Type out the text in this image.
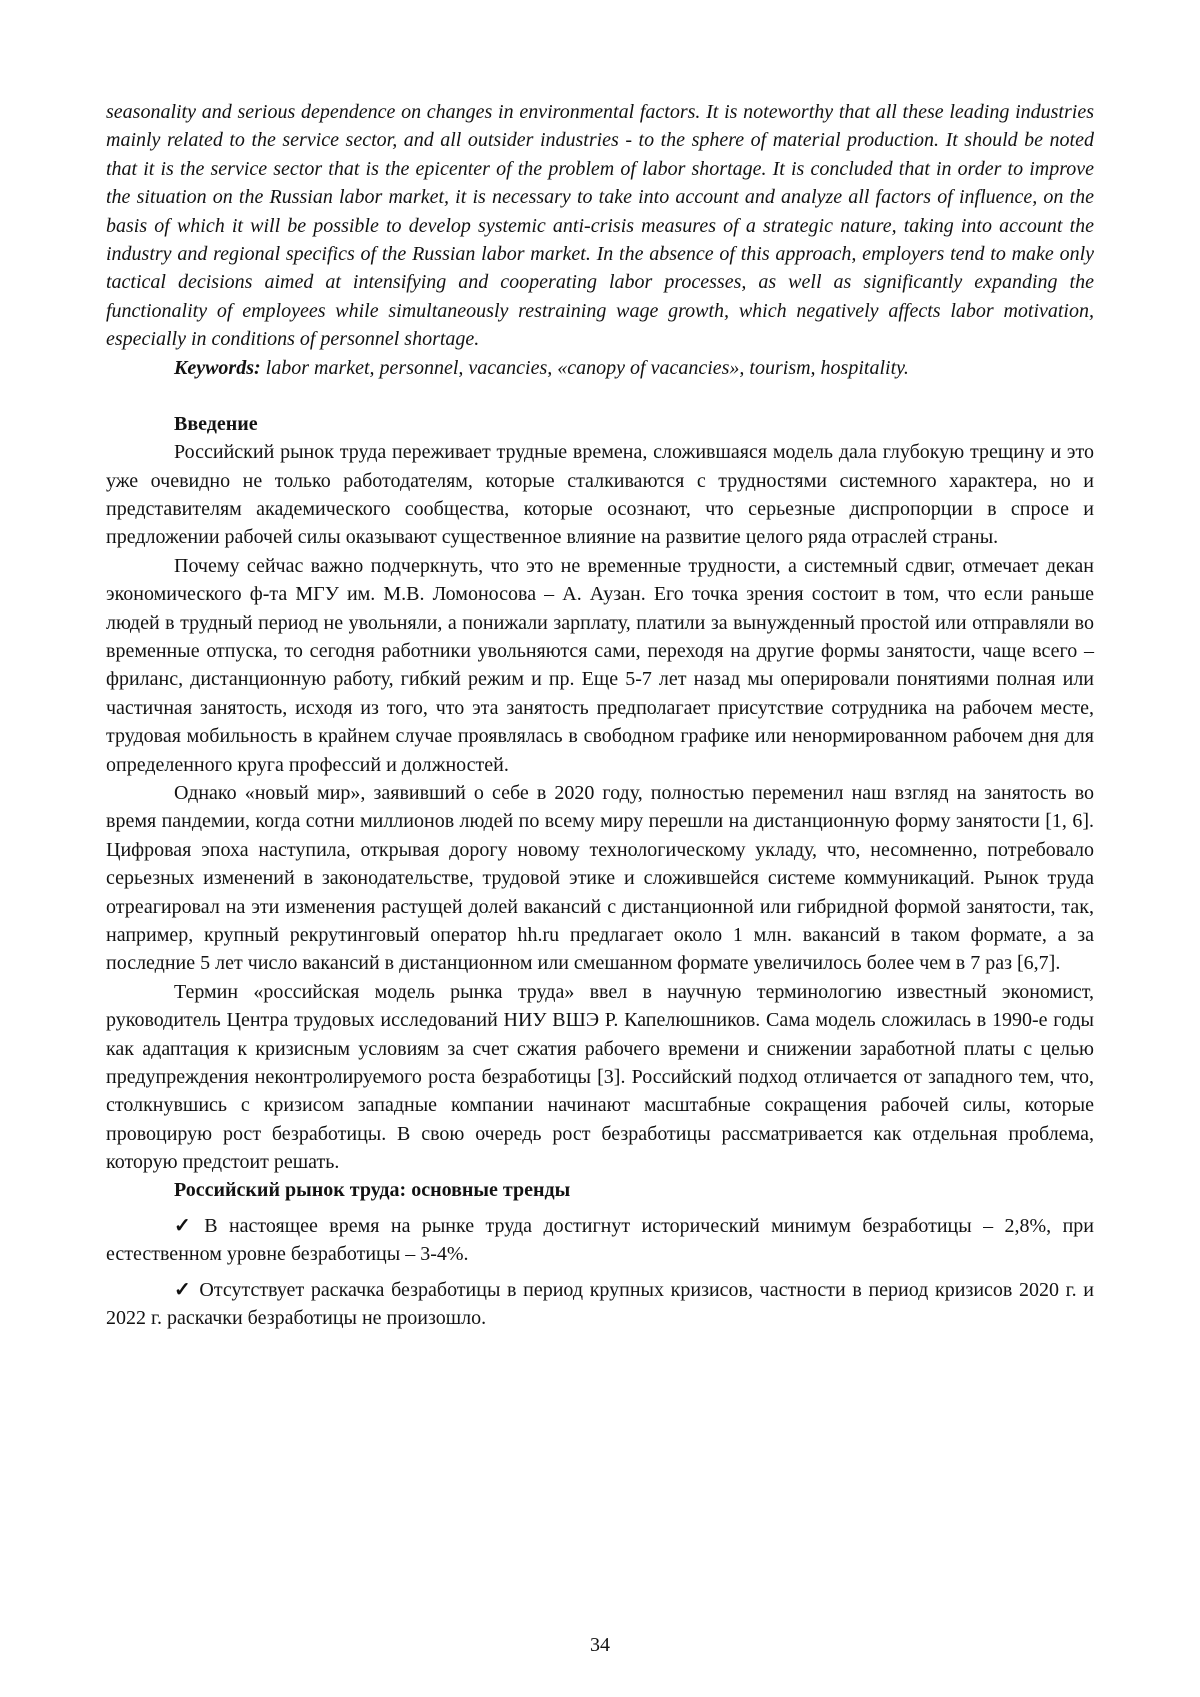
seasonality and serious dependence on changes in environmental factors. It is noteworthy that all these leading industries mainly related to the service sector, and all outsider industries - to the sphere of material production. It should be noted that it is the service sector that is the epicenter of the problem of labor shortage. It is concluded that in order to improve the situation on the Russian labor market, it is necessary to take into account and analyze all factors of influence, on the basis of which it will be possible to develop systemic anti-crisis measures of a strategic nature, taking into account the industry and regional specifics of the Russian labor market. In the absence of this approach, employers tend to make only tactical decisions aimed at intensifying and cooperating labor processes, as well as significantly expanding the functionality of employees while simultaneously restraining wage growth, which negatively affects labor motivation, especially in conditions of personnel shortage.

Keywords: labor market, personnel, vacancies, «canopy of vacancies», tourism, hospitality.

Введение

Российский рынок труда переживает трудные времена, сложившаяся модель дала глубокую трещину и это уже очевидно не только работодателям, которые сталкиваются с трудностями системного характера, но и представителям академического сообщества, которые осознают, что серьезные диспропорции в спросе и предложении рабочей силы оказывают существенное влияние на развитие целого ряда отраслей страны.

Почему сейчас важно подчеркнуть, что это не временные трудности, а системный сдвиг, отмечает декан экономического ф-та МГУ им. М.В. Ломоносова – А. Аузан. Его точка зрения состоит в том, что если раньше людей в трудный период не увольняли, а понижали зарплату, платили за вынужденный простой или отправляли во временные отпуска, то сегодня работники увольняются сами, переходя на другие формы занятости, чаще всего – фриланс, дистанционную работу, гибкий режим и пр. Еще 5-7 лет назад мы оперировали понятиями полная или частичная занятость, исходя из того, что эта занятость предполагает присутствие сотрудника на рабочем месте, трудовая мобильность в крайнем случае проявлялась в свободном графике или ненормированном рабочем дня для определенного круга профессий и должностей.

Однако «новый мир», заявивший о себе в 2020 году, полностью переменил наш взгляд на занятость во время пандемии, когда сотни миллионов людей по всему миру перешли на дистанционную форму занятости [1, 6]. Цифровая эпоха наступила, открывая дорогу новому технологическому укладу, что, несомненно, потребовало серьезных изменений в законодательстве, трудовой этике и сложившейся системе коммуникаций. Рынок труда отреагировал на эти изменения растущей долей вакансий с дистанционной или гибридной формой занятости, так, например, крупный рекрутинговый оператор hh.ru предлагает около 1 млн. вакансий в таком формате, а за последние 5 лет число вакансий в дистанционном или смешанном формате увеличилось более чем в 7 раз [6,7].

Термин «российская модель рынка труда» ввел в научную терминологию известный экономист, руководитель Центра трудовых исследований НИУ ВШЭ Р. Капелюшников. Сама модель сложилась в 1990-е годы как адаптация к кризисным условиям за счет сжатия рабочего времени и снижении заработной платы с целью предупреждения неконтролируемого роста безработицы [3]. Российский подход отличается от западного тем, что, столкнувшись с кризисом западные компании начинают масштабные сокращения рабочей силы, которые провоцирую рост безработицы. В свою очередь рост безработицы рассматривается как отдельная проблема, которую предстоит решать.

Российский рынок труда: основные тренды

✓ В настоящее время на рынке труда достигнут исторический минимум безработицы – 2,8%, при естественном уровне безработицы – 3-4%.

✓ Отсутствует раскачка безработицы в период крупных кризисов, частности в период кризисов 2020 г. и 2022 г. раскачки безработицы не произошло.

34
